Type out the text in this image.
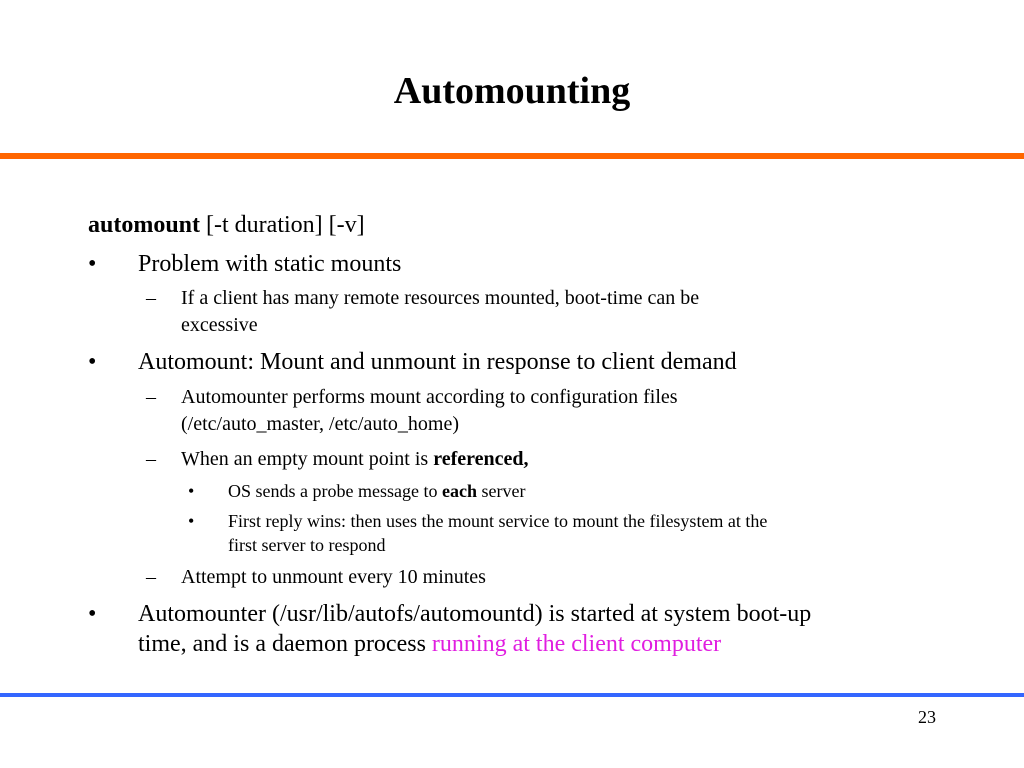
Automounting
automount [-t duration] [-v]
• Problem with static mounts
– If a client has many remote resources mounted, boot-time can be
excessive
• Automount: Mount and unmount in response to client demand
– Automounter performs mount according to configuration files
(/etc/auto_master, /etc/auto_home)
– When an empty mount point is referenced,
• OS sends a probe message to each server
• First reply wins: then uses the mount service to mount the filesystem at the
first server to respond
– Attempt to unmount every 10 minutes
• Automounter (/usr/lib/autofs/automountd) is started at system boot-up
time, and is a daemon process running at the client computer
23
